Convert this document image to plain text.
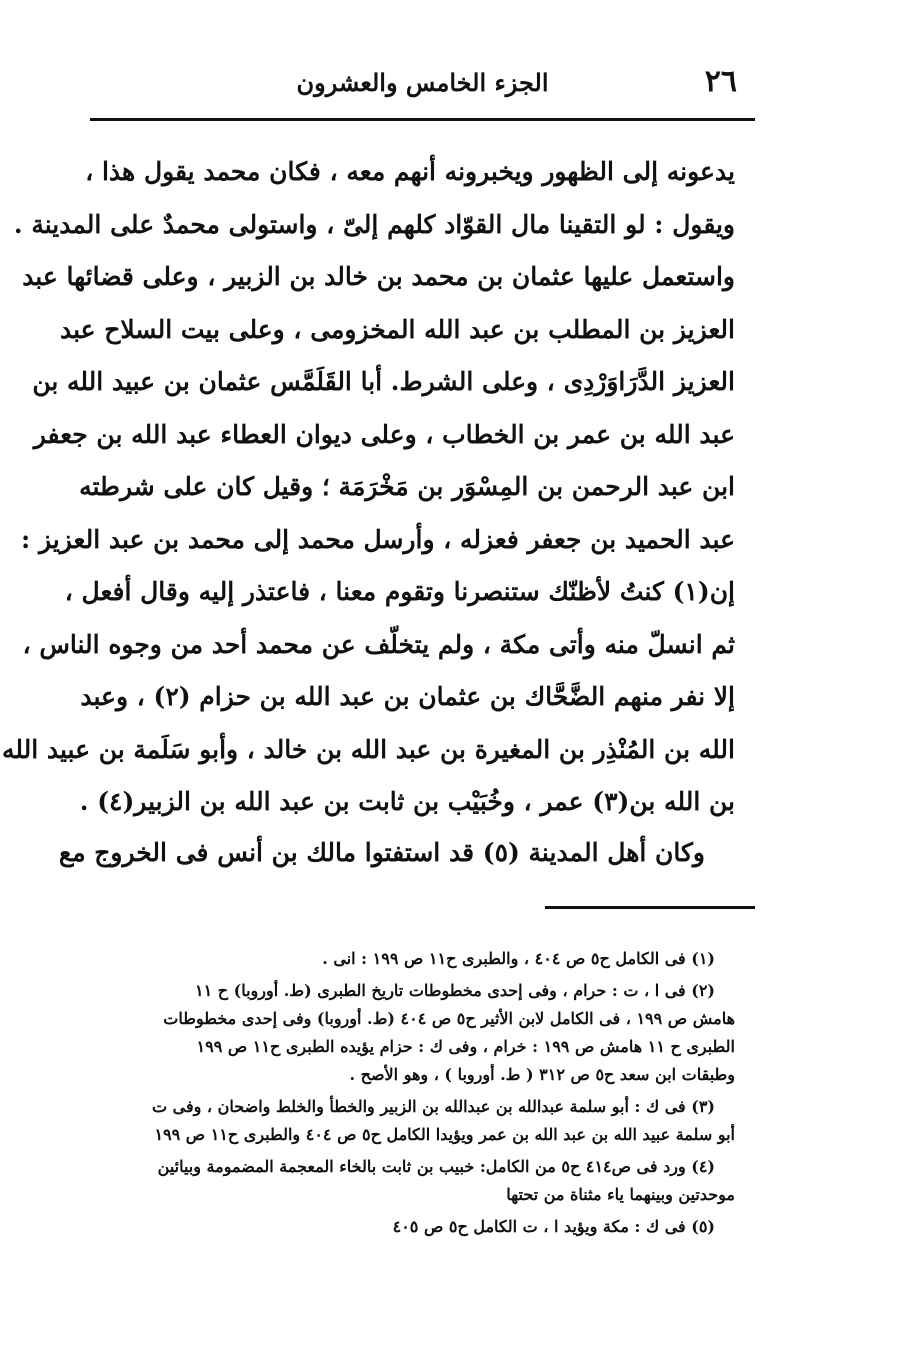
٢٦
الجزء الخامس والعشرون
يدعونه إلى الظهور ويخبرونه أنهم معه ، فكان محمد يقول هذا ،
ويقول : لو التقينا مال القوّاد كلهم إلىّ ، واستولى محمدٌ على المدينة .
واستعمل عليها عثمان بن محمد بن خالد بن الزبير ، وعلى قضائها عبد
العزيز بن المطلب بن عبد الله المخزومى ، وعلى بيت السلاح عبد
العزيز الدَّرَاوَرْدِى ، وعلى الشرط. أبا القَلَمَّس عثمان بن عبيد الله بن
عبد الله بن عمر بن الخطاب ، وعلى ديوان العطاء عبد الله بن جعفر
ابن عبد الرحمن بن المِسْوَر بن مَخْرَمَة ؛ وقيل كان على شرطته
عبد الحميد بن جعفر فعزله ، وأرسل محمد إلى محمد بن عبد العزيز :
إن(١) كنتُ لأظنّك ستنصرنا وتقوم معنا ، فاعتذر إليه وقال أفعل ،
ثم انسلّ منه وأتى مكة ، ولم يتخلّف عن محمد أحد من وجوه الناس ،
إلا نفر منهم الضَّحَّاك بن عثمان بن عبد الله بن حزام (٢) ، وعبد
الله بن المُنْذِر بن المغيرة بن عبد الله بن خالد ، وأبو سَلَمة بن عبيد الله
بن الله بن(٣) عمر ، وخُبَيْب بن ثابت بن عبد الله بن الزبير(٤) .
وكان أهل المدينة (٥) قد استفتوا مالك بن أنس فى الخروج مع
(١) فى الكامل ح٥ ص ٤٠٤ ، والطبرى ح١١ ص ١٩٩ : انى .
(٢) فى ا ، ت : حرام ، وفى إحدى مخطوطات تاريخ الطبرى (ط. أوروبا) ح ١١
هامش ص ١٩٩ ، فى الكامل لابن الأثير ح٥ ص ٤٠٤ (ط. أوروبا) وفى إحدى مخطوطات
الطبرى ح ١١ هامش ص ١٩٩ : خرام ، وفى ك : حزام يؤيده الطبرى ح١١ ص ١٩٩
وطبقات ابن سعد ح٥ ص ٣١٢ ( ط. أوروبا ) ، وهو الأصح .
(٣) فى ك : أبو سلمة عبدالله بن عبدالله بن الزبير والخطأ والخلط واضحان ، وفى ت
أبو سلمة عبيد الله بن عبد الله بن عمر ويؤيدا الكامل ح٥ ص ٤٠٤ والطبرى ح١١ ص ١٩٩
(٤) ورد فى ص٤١٤ ح٥ من الكامل: خبيب بن ثابت بالخاء المعجمة المضمومة وبيائين
موحدتين وبينهما ياء مثناة من تحتها
(٥) فى ك : مكة ويؤيد ا ، ت الكامل ح٥ ص ٤٠٥
